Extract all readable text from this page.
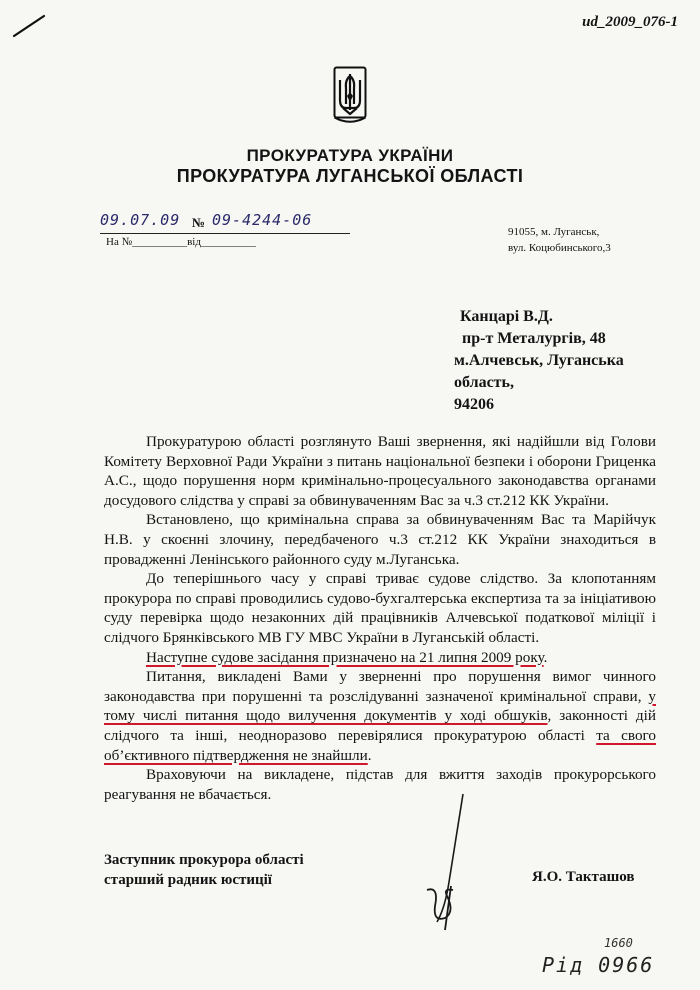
ud_2009_076-1
ПРОКУРАТУРА УКРАЇНИ
ПРОКУРАТУРА ЛУГАНСЬКОЇ ОБЛАСТІ
09.07.09 № 09-4244-06
На №__________від__________
91055, м. Луганськ,
вул. Коцюбинського,3
Канцарі В.Д.
пр-т Металургів, 48
м.Алчевськ, Луганська
область,
94206

Прокуратурою області розглянуто Ваші звернення, які надійшли від Голови Комітету Верховної Ради України з питань національної безпеки і оборони Гриценка А.С., щодо порушення норм кримінально-процесуального законодавства органами досудового слідства у справі за обвинуваченням Вас за ч.3 ст.212 КК України.

Встановлено, що кримінальна справа за обвинуваченням Вас та Марійчук Н.В. у скоєнні злочину, передбаченого ч.3 ст.212 КК України знаходиться в провадженні Ленінського районного суду м.Луганська.

До теперішнього часу у справі триває судове слідство. За клопотанням прокурора по справі проводились судово-бухгалтерська експертиза та за ініціативою суду перевірка щодо незаконних дій працівників Алчевської податкової міліції і слідчого Брянківського МВ ГУ МВС України в Луганській області.

Наступне судове засідання призначено на 21 липня 2009 року.

Питання, викладені Вами у зверненні про порушення вимог чинного законодавства при порушенні та розслідуванні зазначеної кримінальної справи, у тому числі питання щодо вилучення документів у ході обшуків, законності дій слідчого та інші, неодноразово перевірялися прокуратурою області та свого об’єктивного підтвердження не знайшли.

Враховуючи на викладене, підстав для вжиття заходів прокурорського реагування не вбачається.

Заступник прокурора області
старший радник юстиції	Я.О. Такташов
1660
Рід 0966
